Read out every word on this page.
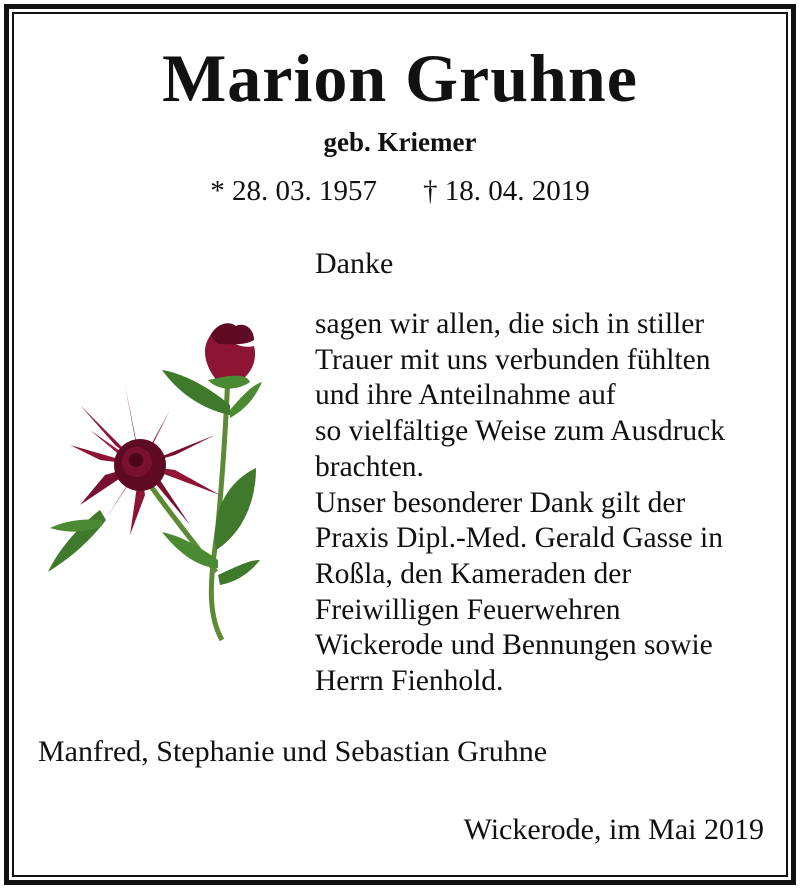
Marion Gruhne
geb. Kriemer
* 28. 03. 1957 † 18. 04. 2019
Danke
sagen wir allen, die sich in stiller
Trauer mit uns verbunden fühlten
und ihre Anteilnahme auf
so vielfältige Weise zum Ausdruck
brachten.
Unser besonderer Dank gilt der
Praxis Dipl.-Med. Gerald Gasse in
Roßla, den Kameraden der
Freiwilligen Feuerwehren
Wickerode und Bennungen sowie
Herrn Fienhold.
Manfred, Stephanie und Sebastian Gruhne
Wickerode, im Mai 2019
